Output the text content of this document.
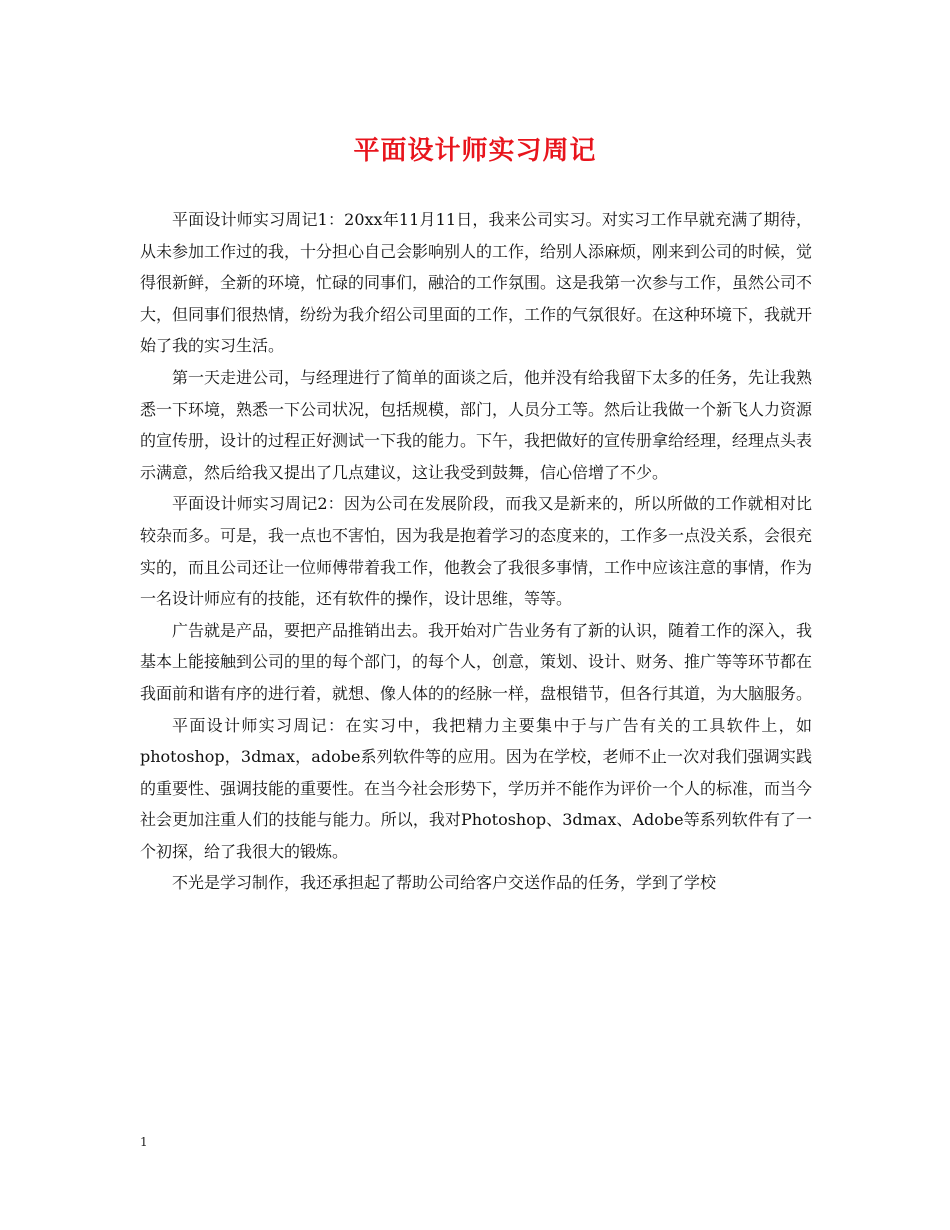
平面设计师实习周记

平面设计师实习周记1：20xx年11月11日，我来公司实习。对实习工作早就充满了期待，从未参加工作过的我，十分担心自己会影响别人的工作，给别人添麻烦，刚来到公司的时候，觉得很新鲜，全新的环境，忙碌的同事们，融洽的工作氛围。这是我第一次参与工作，虽然公司不大，但同事们很热情，纷纷为我介绍公司里面的工作，工作的气氛很好。在这种环境下，我就开始了我的实习生活。

第一天走进公司，与经理进行了简单的面谈之后，他并没有给我留下太多的任务，先让我熟悉一下环境，熟悉一下公司状况，包括规模，部门，人员分工等。然后让我做一个新飞人力资源的宣传册，设计的过程正好测试一下我的能力。下午，我把做好的宣传册拿给经理，经理点头表示满意，然后给我又提出了几点建议，这让我受到鼓舞，信心倍增了不少。

平面设计师实习周记2：因为公司在发展阶段，而我又是新来的，所以所做的工作就相对比较杂而多。可是，我一点也不害怕，因为我是抱着学习的态度来的，工作多一点没关系，会很充实的，而且公司还让一位师傅带着我工作，他教会了我很多事情，工作中应该注意的事情，作为一名设计师应有的技能，还有软件的操作，设计思维，等等。

广告就是产品，要把产品推销出去。我开始对广告业务有了新的认识，随着工作的深入，我基本上能接触到公司的里的每个部门，的每个人，创意，策划、设计、财务、推广等等环节都在我面前和谐有序的进行着，就想、像人体的的经脉一样，盘根错节，但各行其道，为大脑服务。

平面设计师实习周记：在实习中，我把精力主要集中于与广告有关的工具软件上，如photoshop，3dmax，adobe系列软件等的应用。因为在学校，老师不止一次对我们强调实践的重要性、强调技能的重要性。在当今社会形势下，学历并不能作为评价一个人的标准，而当今社会更加注重人们的技能与能力。所以，我对Photoshop、3dmax、Adobe等系列软件有了一个初探，给了我很大的锻炼。

不光是学习制作，我还承担起了帮助公司给客户交送作品的任务，学到了学校

1
